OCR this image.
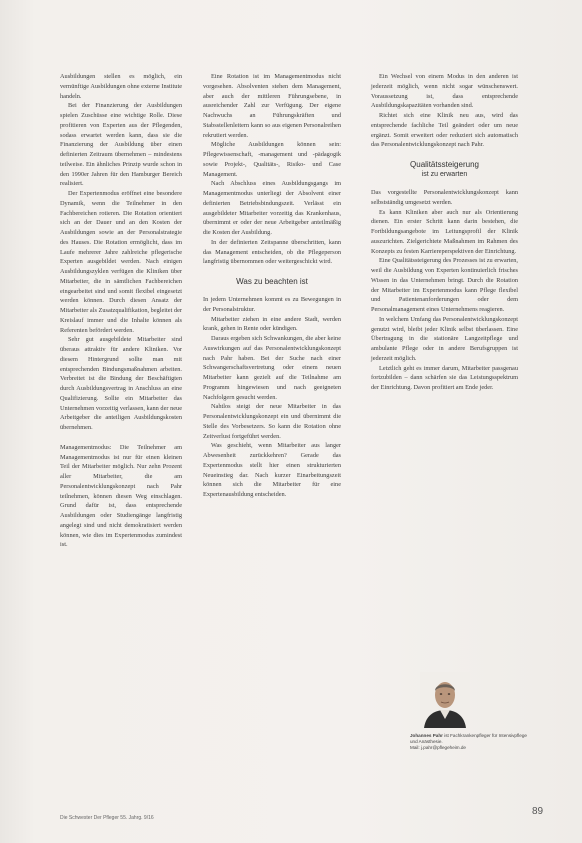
Ausbildungen stellen es möglich, ein vernünftige Ausbildungen ohne externe Institute handeln.

Bei der Finanzierung der Ausbildungen spielen Zuschüsse eine wichtige Rolle. Diese profitieren von Experten aus der Pflegenden, sodass erwartet werden kann, dass sie die Finanzierung der Ausbildung über einen definierten Zeitraum übernehmen – mindestens teilweise. Ein ähnliches Prinzip wurde schon in den 1990er Jahren für den Hamburger Bereich realisiert.

Der Expertenmodus eröffnet eine besondere Dynamik, wenn die Teilnehmer in den Fachbereichen rotieren. Die Rotation orientiert sich an der Dauer und an den Kosten der Ausbildungen sowie an der Personalstrategie des Hauses. Die Rotation ermöglicht, dass im Laufe mehrerer Jahre zahlreiche pflegerische Experten ausgebildet werden. Nach einigen Ausbildungszyklen verfügen die Kliniken über Mitarbeiter, die in sämtlichen Fachbereichen eingearbeitet sind und somit flexibel eingesetzt werden können. Durch diesen Ansatz der Mitarbeiter als Zusatzqualifikation, begleitet der Kreislauf immer und die Inhalte können als Referenten befördert werden.

Sehr gut ausgebildete Mitarbeiter sind überaus attraktiv für andere Kliniken. Vor diesem Hintergrund sollte man mit entsprechenden Bindungsmaßnahmen arbeiten. Verbreitet ist die Bindung der Beschäftigten durch Ausbildungsvertrag in Anschluss an eine Qualifizierung. Sollte ein Mitarbeiter das Unternehmen vorzeitig verlassen, kann der neue Arbeitgeber die anteiligen Ausbildungskosten übernehmen.

Managementmodus: Die Teilnehmer am Managementmodus ist nur für einen kleinen Teil der Mitarbeiter möglich. Nur zehn Prozent aller Mitarbeiter, die am Personalentwicklungskonzept nach Pahr teilnehmen, können diesen Weg einschlagen. Grund dafür ist, dass entsprechende Ausbildungen oder Studiengänge langfristig angelegt sind und nicht demokratisiert werden können, wie dies im Expertenmodus zumindest ist.

Eine Rotation ist im Managementmodus nicht vorgesehen. Absolventen stehen dem Management, aber auch der mittleren Führungsebene, in ausreichender Zahl zur Verfügung. Der eigene Nachwuchs an Führungskräften und Stabsstellenleitern kann so aus eigenen Personalreihen rekrutiert werden.

Mögliche Ausbildungen können sein: Pflegewissenschaft, -management und -pädagogik sowie Projekt-, Qualitäts-, Risiko- und Case Management.

Nach Abschluss eines Ausbildungsgangs im Managementmodus unterliegt der Absolvent einer definierten Betriebsbindungszeit. Verlässt ein ausgebildeter Mitarbeiter vorzeitig das Krankenhaus, übernimmt er oder der neue Arbeitgeber anteilmäßig die Kosten der Ausbildung.

In der definierten Zeitspanne überschritten, kann das Management entscheiden, ob die Pflegeperson langfristig übernommen oder weitergeschickt wird.

Was zu beachten ist

In jedem Unternehmen kommt es zu Bewegungen in der Personalstruktur.

Mitarbeiter ziehen in eine andere Stadt, werden krank, gehen in Rente oder kündigen.

Daraus ergeben sich Schwankungen, die aber keine Auswirkungen auf das Personalentwicklungskonzept nach Pahr haben. Bei der Suche nach einer Schwangerschaftsvertretung oder einem neuen Mitarbeiter kann gezielt auf die Teilnahme am Programm hingewiesen und nach geeigneten Nachfolgern gesucht werden.

Nahtlos steigt der neue Mitarbeiter in das Personalentwicklungskonzept ein und übernimmt die Stelle des Vorbesetzers. So kann die Rotation ohne Zeitverlust fortgeführt werden.

Was geschieht, wenn Mitarbeiter aus langer Abwesenheit zurückkehren? Gerade das Expertenmodus stellt hier einen strukturierten Neueinstieg dar. Nach kurzer Einarbeitungszeit können sich die Mitarbeiter für eine Expertenausbildung entscheiden.

Ein Wechsel von einem Modus in den anderen ist jederzeit möglich, wenn nicht sogar wünschenswert. Voraussetzung ist, dass entsprechende Ausbildungskapazitäten vorhanden sind.

Richtet sich eine Klinik neu aus, wird das entsprechende fachliche Teil geändert oder um neue ergänzt. Somit erweitert oder reduziert sich automatisch das Personalentwicklungskonzept nach Pahr.

Qualitätssteigerung
ist zu erwarten

Das vorgestellte Personalentwicklungskonzept kann selbstständig umgesetzt werden.

Es kann Kliniken aber auch nur als Orientierung dienen. Ein erster Schritt kann darin bestehen, die Fortbildungsangebote im Leitungsprofil der Klinik auszurichten. Zielgerichtete Maßnahmen im Rahmen des Konzepts zu festen Karriereperspektiven der Einrichtung.

Eine Qualitätssteigerung des Prozesses ist zu erwarten, weil die Ausbildung von Experten kontinuierlich frisches Wissen in das Unternehmen bringt. Durch die Rotation der Mitarbeiter im Expertenmodus kann Pflege flexibel und Patientenanforderungen oder dem Personalmanagement eines Unternehmens reagieren.

In welchem Umfang das Personalentwicklungskonzept genutzt wird, bleibt jeder Klinik selbst überlassen. Eine Übertragung in die stationäre Langzeitpflege und ambulante Pflege oder in andere Berufsgruppen ist jederzeit möglich.

Letztlich geht es immer darum, Mitarbeiter passgenau fortzubilden – dann schärfen sie das Leistungsspektrum der Einrichtung. Davon profitiert am Ende jeder.

Johannes Pahr ist Fachkrankenpfleger für Intensivpflege und Anästhesie.
Mail: j.pahr@pflegeheim.de
Die Schwester Der Pfleger 55. Jahrg. 9/16
89
